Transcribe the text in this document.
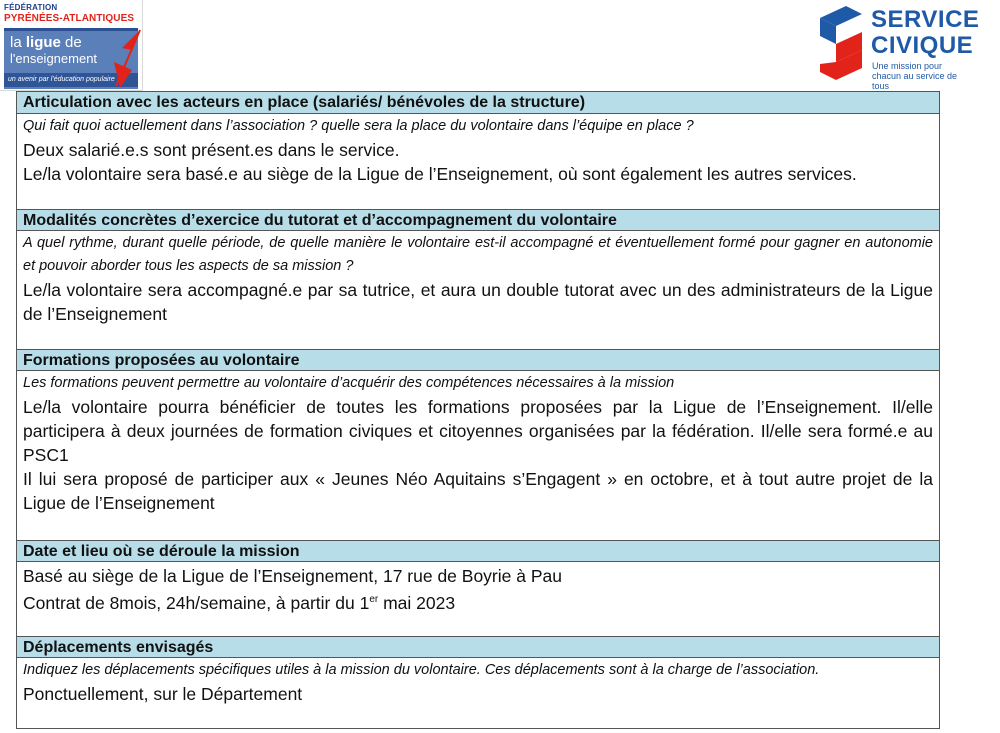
FÉDÉRATION
PYRÉNÉES-ATLANTIQUES
la ligue de
l'enseignement
un avenir par l'éducation populaire
SERVICE
CIVIQUE
Une mission pour chacun au service de tous
Articulation avec les acteurs en place (salariés/ bénévoles de la structure)
Qui fait quoi actuellement dans l’association ? quelle sera la place du volontaire dans l’équipe en place ?
Deux salarié.e.s sont présent.es dans le service.
Le/la volontaire sera basé.e au siège de la Ligue de l’Enseignement, où sont également les autres services.
Modalités concrètes d’exercice du tutorat et d’accompagnement du volontaire
A quel rythme, durant quelle période, de quelle manière le volontaire est-il accompagné et éventuellement formé pour gagner en autonomie et pouvoir aborder tous les aspects de sa mission ?
Le/la volontaire sera accompagné.e par sa tutrice, et aura un double tutorat avec un des administrateurs de la Ligue de l’Enseignement
Formations proposées au volontaire
Les formations peuvent permettre au volontaire d’acquérir des compétences nécessaires à la mission
Le/la volontaire pourra bénéficier de toutes les formations proposées par la Ligue de l’Enseignement. Il/elle participera à deux journées de formation civiques et citoyennes organisées par la fédération. Il/elle sera formé.e au PSC1
Il lui sera proposé de participer aux « Jeunes Néo Aquitains s’Engagent » en octobre, et à tout autre projet de la Ligue de l’Enseignement
Date et lieu où se déroule la mission
Basé au siège de la Ligue de l’Enseignement, 17 rue de Boyrie à Pau
Contrat de 8mois, 24h/semaine, à partir du 1er mai 2023
Déplacements envisagés
Indiquez les déplacements spécifiques utiles à la mission du volontaire. Ces déplacements sont à la charge de l’association.
Ponctuellement, sur le Département
